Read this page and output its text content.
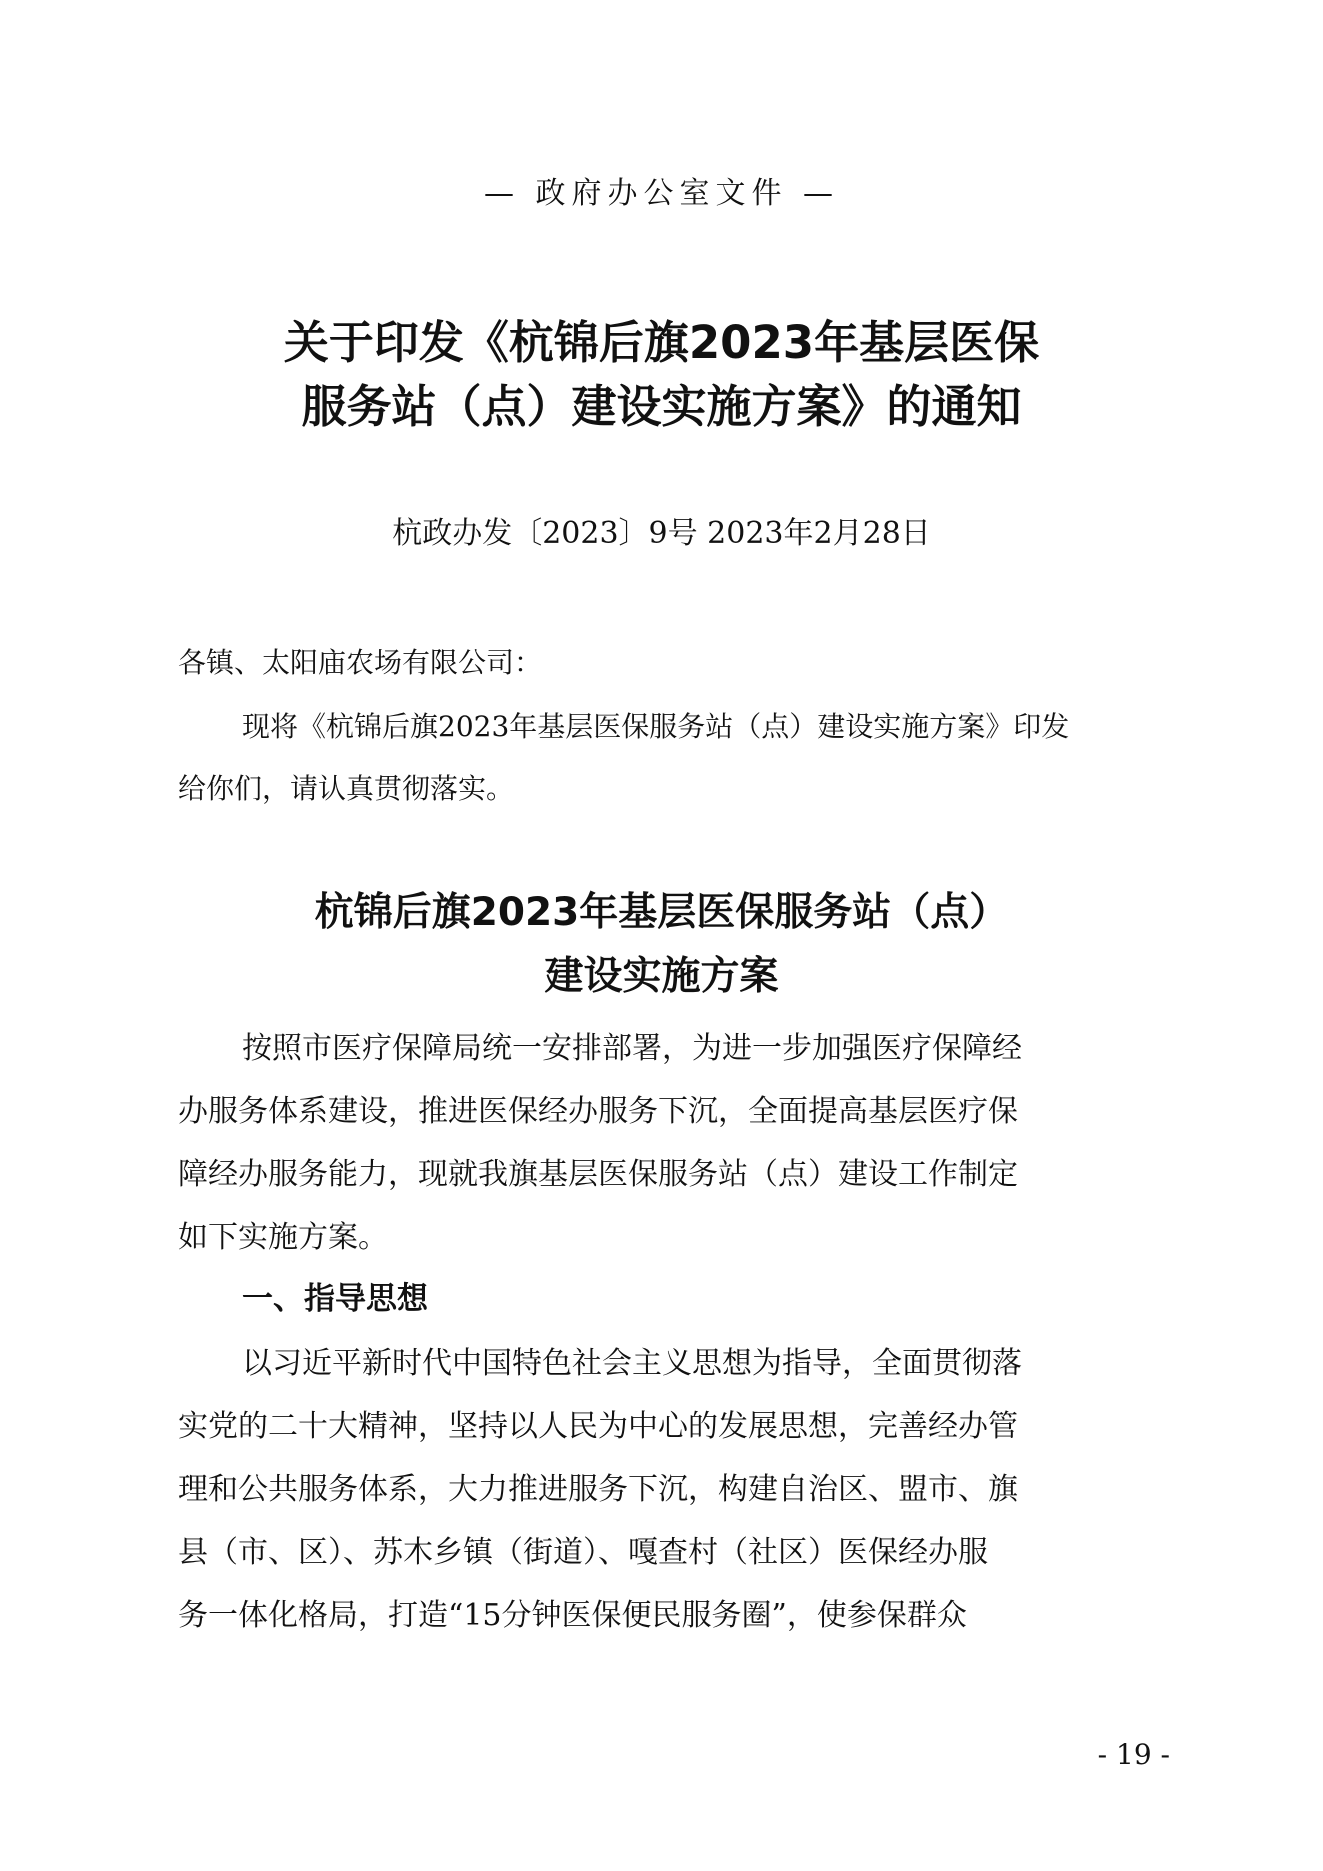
— 政府办公室文件 —
关于印发《杭锦后旗2023年基层医保
服务站（点）建设实施方案》的通知
杭政办发〔2023〕9号 2023年2月28日
各镇、太阳庙农场有限公司：
现将《杭锦后旗2023年基层医保服务站（点）建设实施方案》印发
给你们，请认真贯彻落实。
杭锦后旗2023年基层医保服务站（点）
建设实施方案
按照市医疗保障局统一安排部署，为进一步加强医疗保障经
办服务体系建设，推进医保经办服务下沉，全面提高基层医疗保
障经办服务能力，现就我旗基层医保服务站（点）建设工作制定
如下实施方案。
一、指导思想
以习近平新时代中国特色社会主义思想为指导，全面贯彻落
实党的二十大精神，坚持以人民为中心的发展思想，完善经办管
理和公共服务体系，大力推进服务下沉，构建自治区、盟市、旗
县（市、区）、苏木乡镇（街道）、嘎查村（社区）医保经办服
务一体化格局，打造“15分钟医保便民服务圈”，使参保群众
- 19 -
